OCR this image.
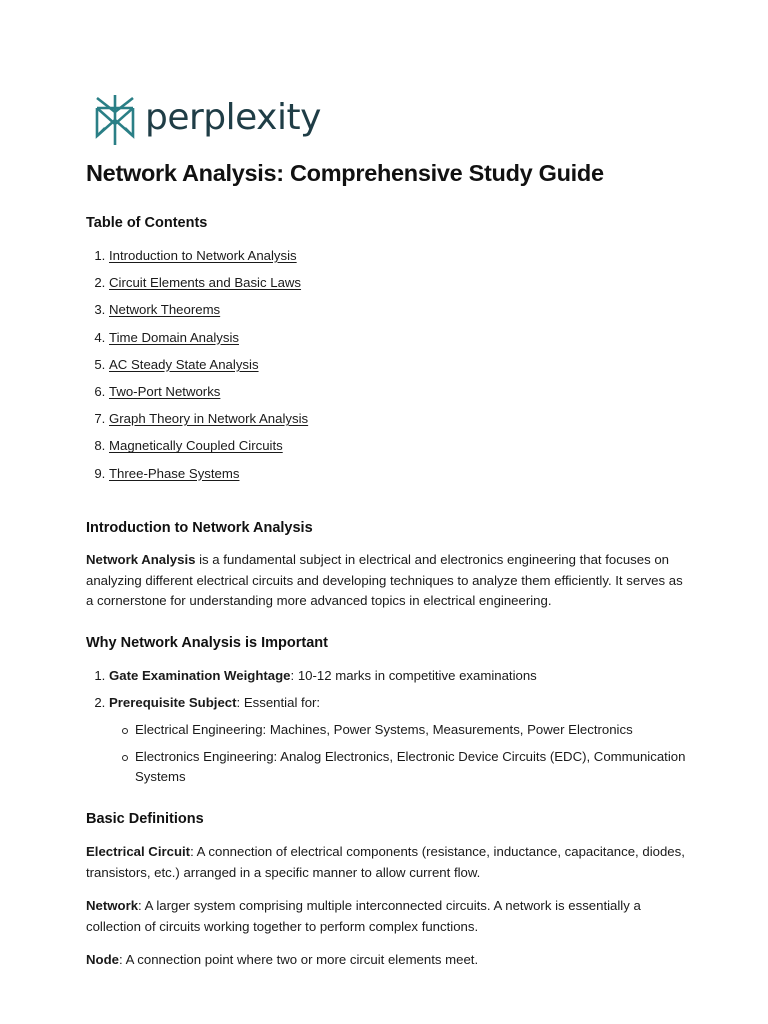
perplexity
Network Analysis: Comprehensive Study Guide
Table of Contents
1. Introduction to Network Analysis
2. Circuit Elements and Basic Laws
3. Network Theorems
4. Time Domain Analysis
5. AC Steady State Analysis
6. Two-Port Networks
7. Graph Theory in Network Analysis
8. Magnetically Coupled Circuits
9. Three-Phase Systems
Introduction to Network Analysis

Network Analysis is a fundamental subject in electrical and electronics engineering that focuses on analyzing different electrical circuits and developing techniques to analyze them efficiently. It serves as a cornerstone for understanding more advanced topics in electrical engineering.

Why Network Analysis is Important
1. Gate Examination Weightage: 10-12 marks in competitive examinations
2. Prerequisite Subject: Essential for:
Electrical Engineering: Machines, Power Systems, Measurements, Power Electronics
Electronics Engineering: Analog Electronics, Electronic Device Circuits (EDC), Communication Systems
Basic Definitions

Electrical Circuit: A connection of electrical components (resistance, inductance, capacitance, diodes, transistors, etc.) arranged in a specific manner to allow current flow.

Network: A larger system comprising multiple interconnected circuits. A network is essentially a collection of circuits working together to perform complex functions.

Node: A connection point where two or more circuit elements meet.
